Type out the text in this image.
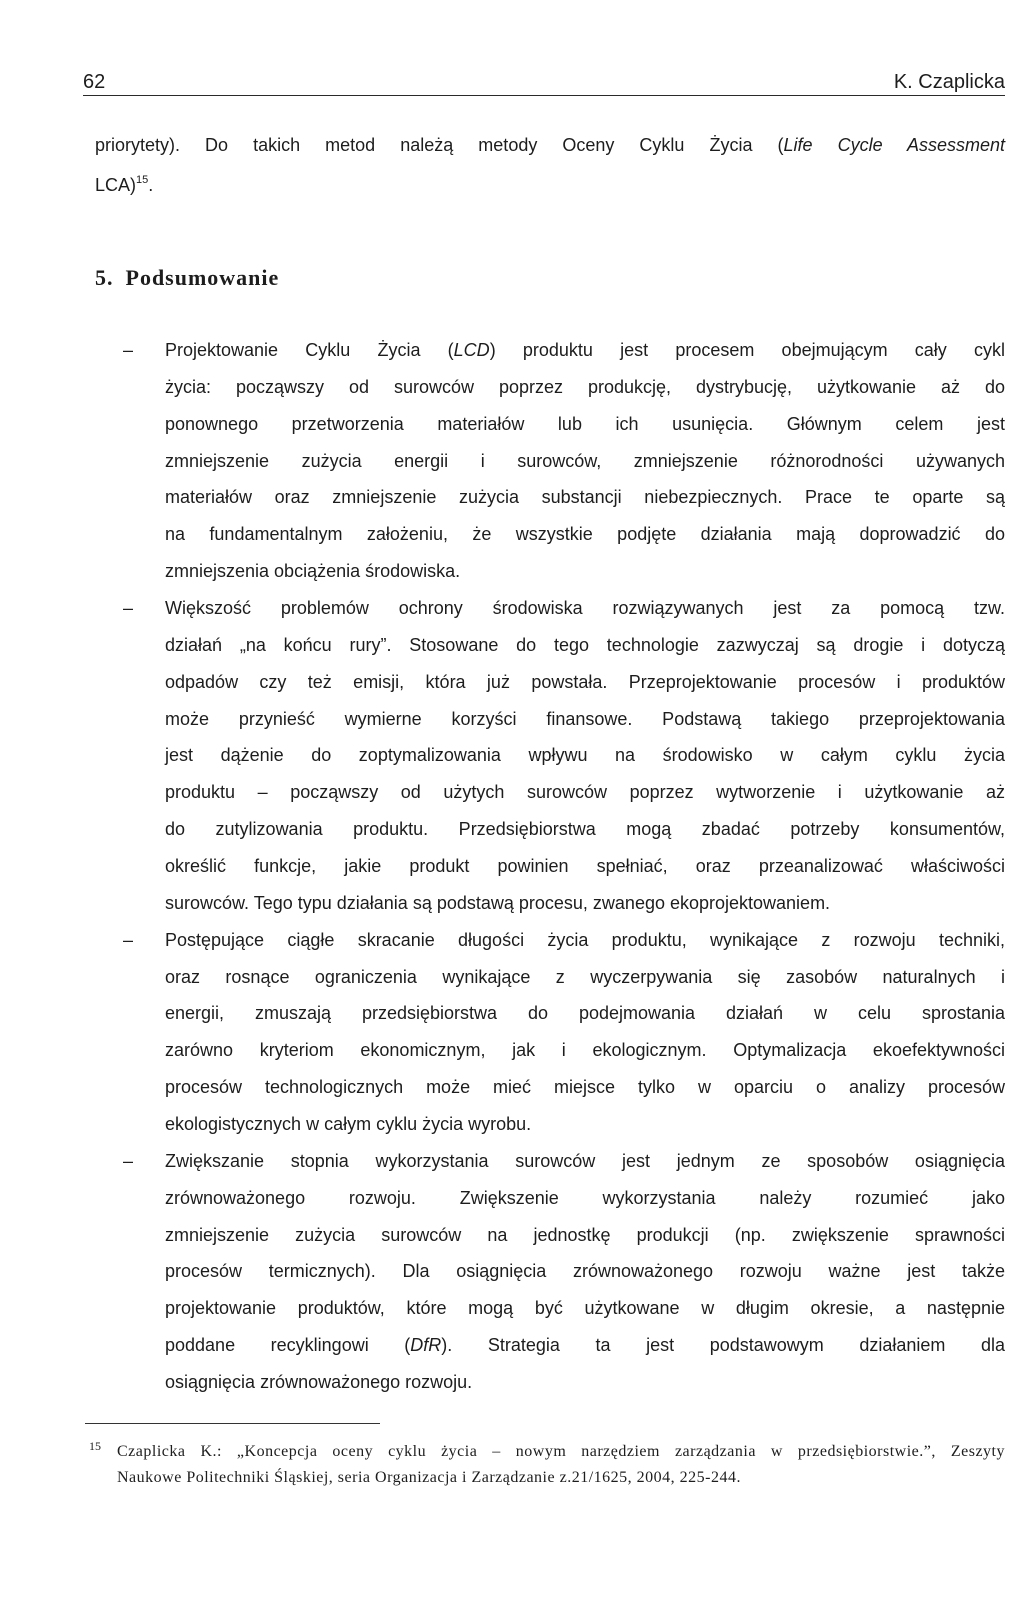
62	K. Czaplicka
priorytety). Do takich metod należą metody Oceny Cyklu Życia (Life Cycle Assessment
LCA)$^{15}$.
5. Podsumowanie
– Projektowanie Cyklu Życia (LCD) produktu jest procesem obejmującym cały cykl
życia: począwszy od surowców poprzez produkcję, dystrybucję, użytkowanie aż do
ponownego przetworzenia materiałów lub ich usunięcia. Głównym celem jest
zmniejszenie zużycia energii i surowców, zmniejszenie różnorodności używanych
materiałów oraz zmniejszenie zużycia substancji niebezpiecznych. Prace te oparte są
na fundamentalnym założeniu, że wszystkie podjęte działania mają doprowadzić do
zmniejszenia obciążenia środowiska.
– Większość problemów ochrony środowiska rozwiązywanych jest za pomocą tzw.
działań „na końcu rury”. Stosowane do tego technologie zazwyczaj są drogie i dotyczą
odpadów czy też emisji, która już powstała. Przeprojektowanie procesów i produktów
może przynieść wymierne korzyści finansowe. Podstawą takiego przeprojektowania
jest dążenie do zoptymalizowania wpływu na środowisko w całym cyklu życia
produktu – począwszy od użytych surowców poprzez wytworzenie i użytkowanie aż
do zutylizowania produktu. Przedsiębiorstwa mogą zbadać potrzeby konsumentów,
określić funkcje, jakie produkt powinien spełniać, oraz przeanalizować właściwości
surowców. Tego typu działania są podstawą procesu, zwanego ekoprojektowaniem.
– Postępujące ciągłe skracanie długości życia produktu, wynikające z rozwoju techniki,
oraz rosnące ograniczenia wynikające z wyczerpywania się zasobów naturalnych i
energii, zmuszają przedsiębiorstwa do podejmowania działań w celu sprostania
zarówno kryteriom ekonomicznym, jak i ekologicznym. Optymalizacja ekoefektywności
procesów technologicznych może mieć miejsce tylko w oparciu o analizy procesów
ekologistycznych w całym cyklu życia wyrobu.
– Zwiększanie stopnia wykorzystania surowców jest jednym ze sposobów osiągnięcia
zrównoważonego rozwoju. Zwiększenie wykorzystania należy rozumieć jako
zmniejszenie zużycia surowców na jednostkę produkcji (np. zwiększenie sprawności
procesów termicznych). Dla osiągnięcia zrównoważonego rozwoju ważne jest także
projektowanie produktów, które mogą być użytkowane w długim okresie, a następnie
poddane recyklingowi (DfR). Strategia ta jest podstawowym działaniem dla
osiągnięcia zrównoważonego rozwoju.
15 Czaplicka K.: „Koncepcja oceny cyklu życia – nowym narzędziem zarządzania w przedsiębiorstwie.”, Zeszyty
Naukowe Politechniki Śląskiej, seria Organizacja i Zarządzanie z.21/1625, 2004, 225-244.
